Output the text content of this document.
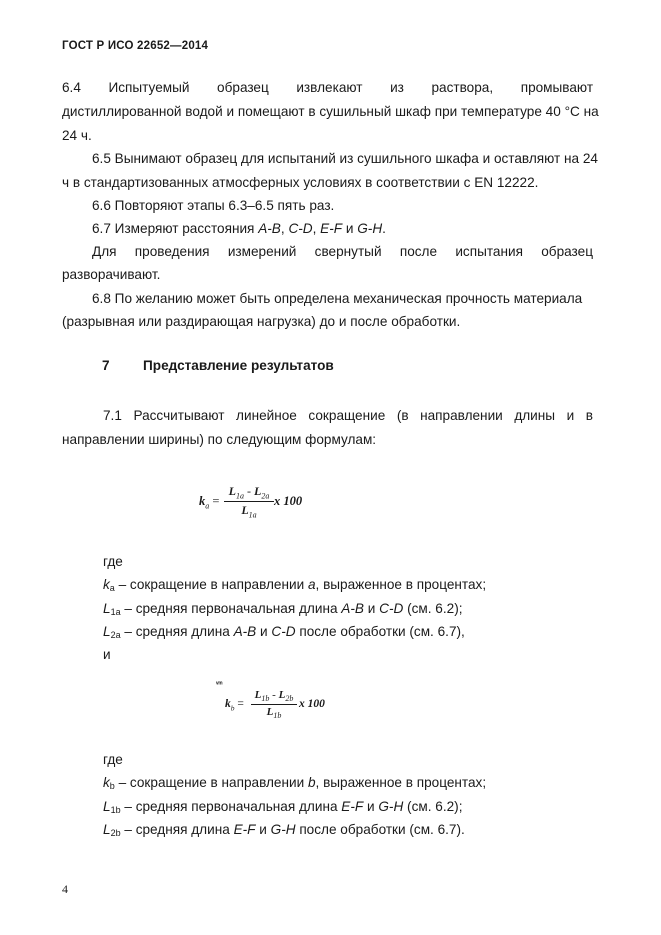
ГОСТ Р ИСО 22652—2014
6.4 Испытуемый образец извлекают из раствора, промывают
дистиллированной водой и помещают в сушильный шкаф при температуре 40 °C на
24 ч.
6.5 Вынимают образец для испытаний из сушильного шкафа и оставляют на 24
ч в стандартизованных атмосферных условиях в соответствии с EN 12222.
6.6 Повторяют этапы 6.3–6.5 пять раз.
6.7 Измеряют расстояния A-B, C-D, E-F и G-H.
Для проведения измерений свернутый после испытания образец
разворачивают.
6.8 По желанию может быть определена механическая прочность материала
(разрывная или раздирающая нагрузка) до и после обработки.
7 Представление результатов
7.1 Рассчитывают линейное сокращение (в направлении длины и в
направлении ширины) по следующим формулам:
$k_a = \frac{L_{1a} - L_{2a}}{L_{1a}}$ x 100
где
$k_a$ – сокращение в направлении a, выраженное в процентах;
$L_{1a}$ – средняя первоначальная длина A-B и C-D (см. 6.2);
$L_{2a}$ – средняя длина A-B и C-D после обработки (см. 6.7),
и
ᵛᵐ
$k_b = \frac{L_{1b} - L_{2b}}{L_{1b}}$ x 100
где
$k_b$ – сокращение в направлении b, выраженное в процентах;
$L_{1b}$ – средняя первоначальная длина E-F и G-H (см. 6.2);
$L_{2b}$ – средняя длина E-F и G-H после обработки (см. 6.7).
4
